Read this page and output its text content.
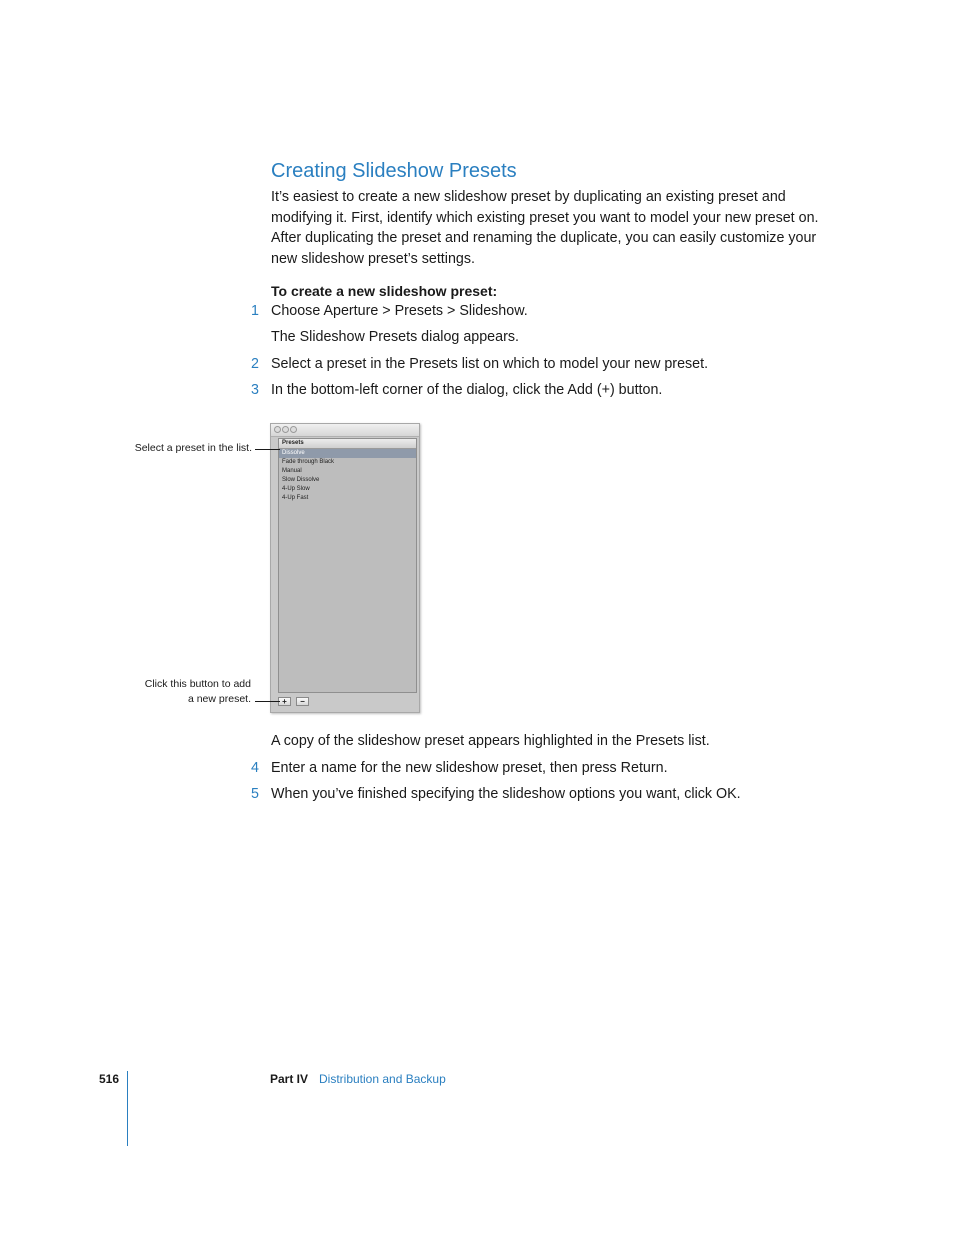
Creating Slideshow Presets

It’s easiest to create a new slideshow preset by duplicating an existing preset and modifying it. First, identify which existing preset you want to model your new preset on. After duplicating the preset and renaming the duplicate, you can easily customize your new slideshow preset’s settings.

To create a new slideshow preset:

1 Choose Aperture > Presets > Slideshow.
The Slideshow Presets dialog appears.
2 Select a preset in the Presets list on which to model your new preset.
3 In the bottom-left corner of the dialog, click the Add (+) button.
Presets
Dissolve
Fade through Black
Manual
Slow Dissolve
4-Up Slow
4-Up Fast
+	−
Select a preset in the list.
Click this button to add
a new preset.
A copy of the slideshow preset appears highlighted in the Presets list.
4 Enter a name for the new slideshow preset, then press Return.
5 When you’ve finished specifying the slideshow options you want, click OK.
516	Part IV Distribution and Backup
